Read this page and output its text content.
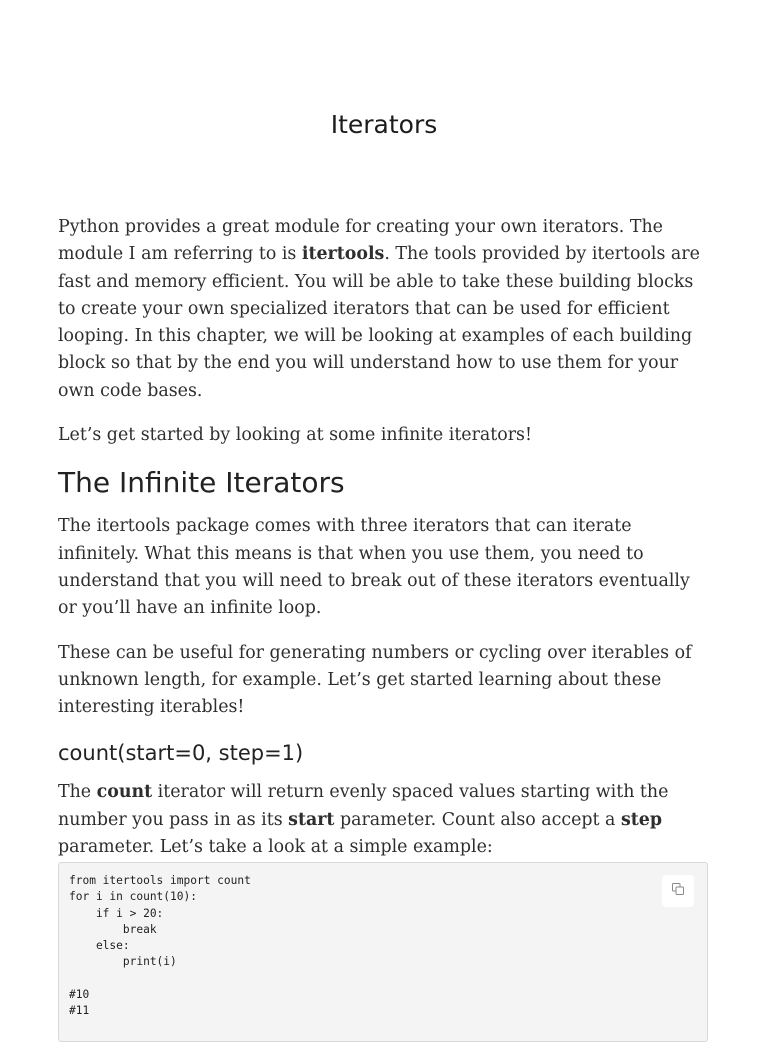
Iterators

Python provides a great module for creating your own iterators. The module I am referring to is itertools. The tools provided by itertools are fast and memory efficient. You will be able to take these building blocks to create your own specialized iterators that can be used for efficient looping. In this chapter, we will be looking at examples of each building block so that by the end you will understand how to use them for your own code bases.

Let’s get started by looking at some infinite iterators!

The Infinite Iterators

The itertools package comes with three iterators that can iterate infinitely. What this means is that when you use them, you need to understand that you will need to break out of these iterators eventually or you’ll have an infinite loop.

These can be useful for generating numbers or cycling over iterables of unknown length, for example. Let’s get started learning about these interesting iterables!

count(start=0, step=1)

The count iterator will return evenly spaced values starting with the number you pass in as its start parameter. Count also accept a step parameter. Let’s take a look at a simple example:

from itertools import count
for i in count(10):
if i > 20:
break
else:
print(i)

#10
#11
